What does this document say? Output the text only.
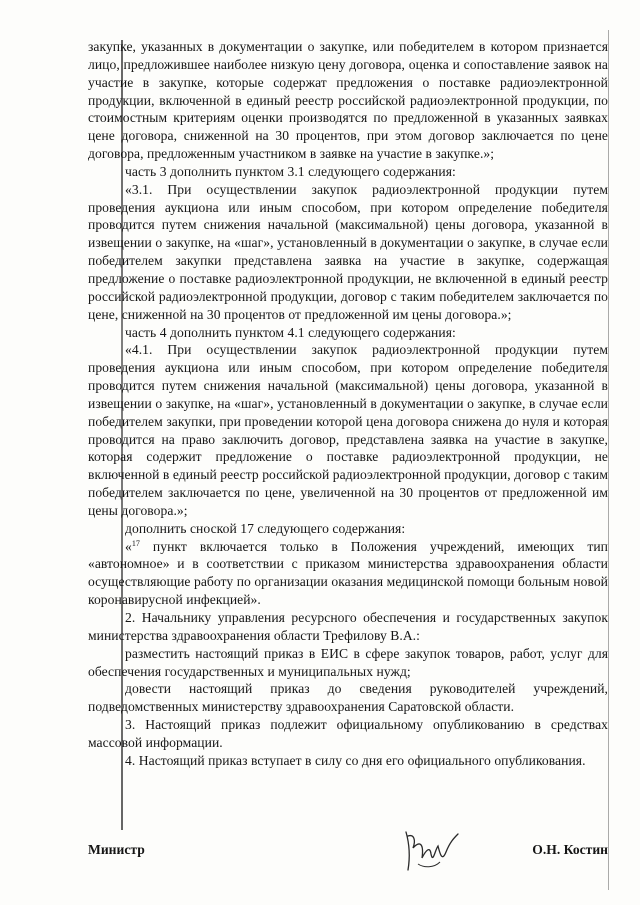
закупке, указанных в документации о закупке, или победителем в котором признается лицо, предложившее наиболее низкую цену договора, оценка и сопоставление заявок на участие в закупке, которые содержат предложения о поставке радиоэлектронной продукции, включенной в единый реестр российской радиоэлектронной продукции, по стоимостным критериям оценки производятся по предложенной в указанных заявках цене договора, сниженной на 30 процентов, при этом договор заключается по цене договора, предложенным участником в заявке на участие в закупке.»;

часть 3 дополнить пунктом 3.1 следующего содержания:

«3.1. При осуществлении закупок радиоэлектронной продукции путем проведения аукциона или иным способом, при котором определение победителя проводится путем снижения начальной (максимальной) цены договора, указанной в извещении о закупке, на «шаг», установленный в документации о закупке, в случае если победителем закупки представлена заявка на участие в закупке, содержащая предложение о поставке радиоэлектронной продукции, не включенной в единый реестр российской радиоэлектронной продукции, договор с таким победителем заключается по цене, сниженной на 30 процентов от предложенной им цены договора.»;

часть 4 дополнить пунктом 4.1 следующего содержания:

«4.1. При осуществлении закупок радиоэлектронной продукции путем проведения аукциона или иным способом, при котором определение победителя проводится путем снижения начальной (максимальной) цены договора, указанной в извещении о закупке, на «шаг», установленный в документации о закупке, в случае если победителем закупки, при проведении которой цена договора снижена до нуля и которая проводится на право заключить договор, представлена заявка на участие в закупке, которая содержит предложение о поставке радиоэлектронной продукции, не включенной в единый реестр российской радиоэлектронной продукции, договор с таким победителем заключается по цене, увеличенной на 30 процентов от предложенной им цены договора.»;

дополнить сноской 17 следующего содержания:

«$^{17}$ пункт включается только в Положения учреждений, имеющих тип «автономное» и в соответствии с приказом министерства здравоохранения области осуществляющие работу по организации оказания медицинской помощи больным новой коронавирусной инфекцией».

2. Начальнику управления ресурсного обеспечения и государственных закупок министерства здравоохранения области Трефилову В.А.:

разместить настоящий приказ в ЕИС в сфере закупок товаров, работ, услуг для обеспечения государственных и муниципальных нужд;

довести настоящий приказ до сведения руководителей учреждений, подведомственных министерству здравоохранения Саратовской области.

3. Настоящий приказ подлежит официальному опубликованию в средствах массовой информации.

4. Настоящий приказ вступает в силу со дня его официального опубликования.

Министр	О.Н. Костин
